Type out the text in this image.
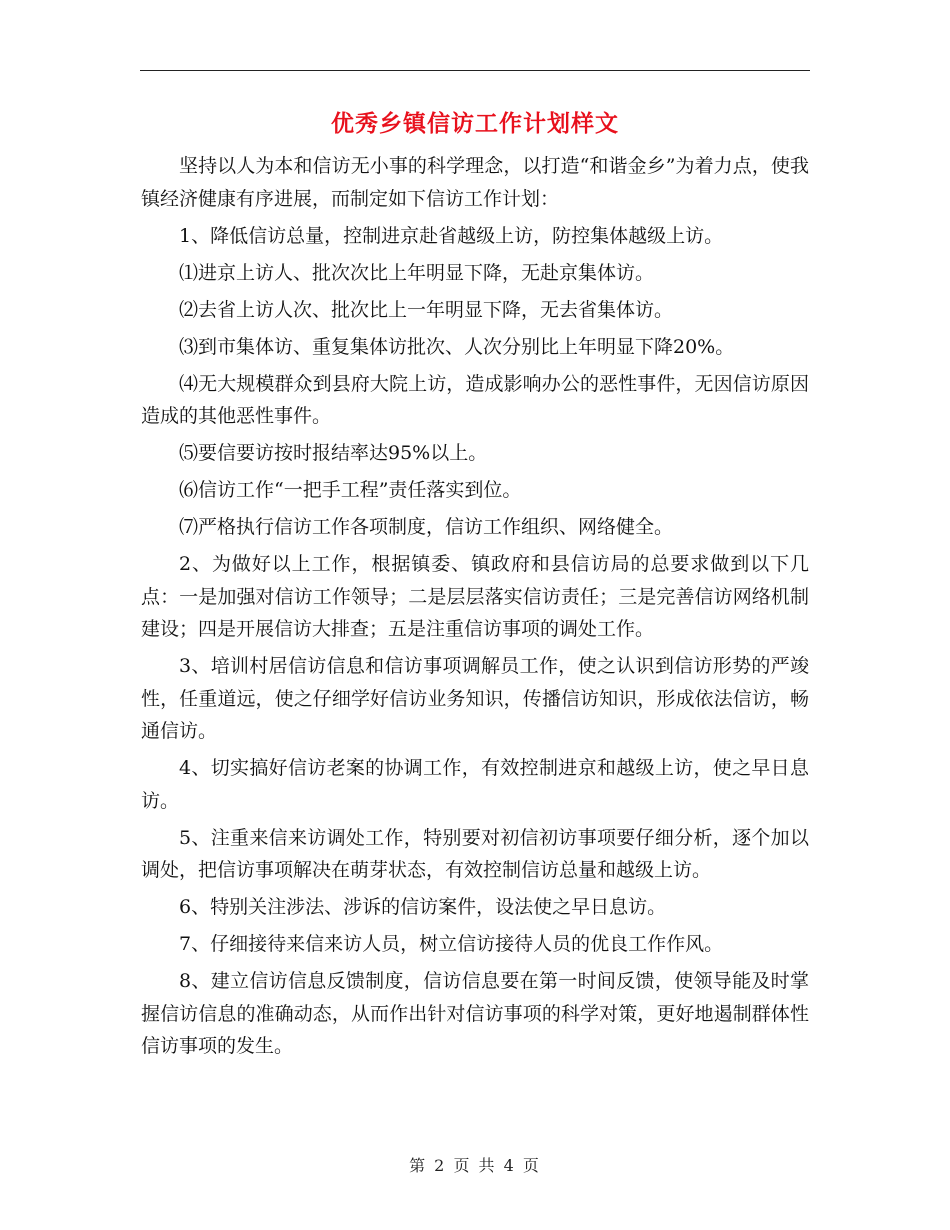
优秀乡镇信访工作计划样文

坚持以人为本和信访无小事的科学理念，以打造“和谐金乡”为着力点，使我镇经济健康有序进展，而制定如下信访工作计划：

1、降低信访总量，控制进京赴省越级上访，防控集体越级上访。

⑴进京上访人、批次次比上年明显下降，无赴京集体访。

⑵去省上访人次、批次比上一年明显下降，无去省集体访。

⑶到市集体访、重复集体访批次、人次分别比上年明显下降20%。

⑷无大规模群众到县府大院上访，造成影响办公的恶性事件，无因信访原因造成的其他恶性事件。

⑸要信要访按时报结率达95%以上。

⑹信访工作“一把手工程”责任落实到位。

⑺严格执行信访工作各项制度，信访工作组织、网络健全。

2、为做好以上工作，根据镇委、镇政府和县信访局的总要求做到以下几点：一是加强对信访工作领导；二是层层落实信访责任；三是完善信访网络机制建设；四是开展信访大排查；五是注重信访事项的调处工作。

3、培训村居信访信息和信访事项调解员工作，使之认识到信访形势的严竣性，任重道远，使之仔细学好信访业务知识，传播信访知识，形成依法信访，畅通信访。

4、切实搞好信访老案的协调工作，有效控制进京和越级上访，使之早日息访。

5、注重来信来访调处工作，特别要对初信初访事项要仔细分析，逐个加以调处，把信访事项解决在萌芽状态，有效控制信访总量和越级上访。

6、特别关注涉法、涉诉的信访案件，设法使之早日息访。

7、仔细接待来信来访人员，树立信访接待人员的优良工作作风。

8、建立信访信息反馈制度，信访信息要在第一时间反馈，使领导能及时掌握信访信息的准确动态，从而作出针对信访事项的科学对策，更好地遏制群体性信访事项的发生。

第 2 页 共 4 页
